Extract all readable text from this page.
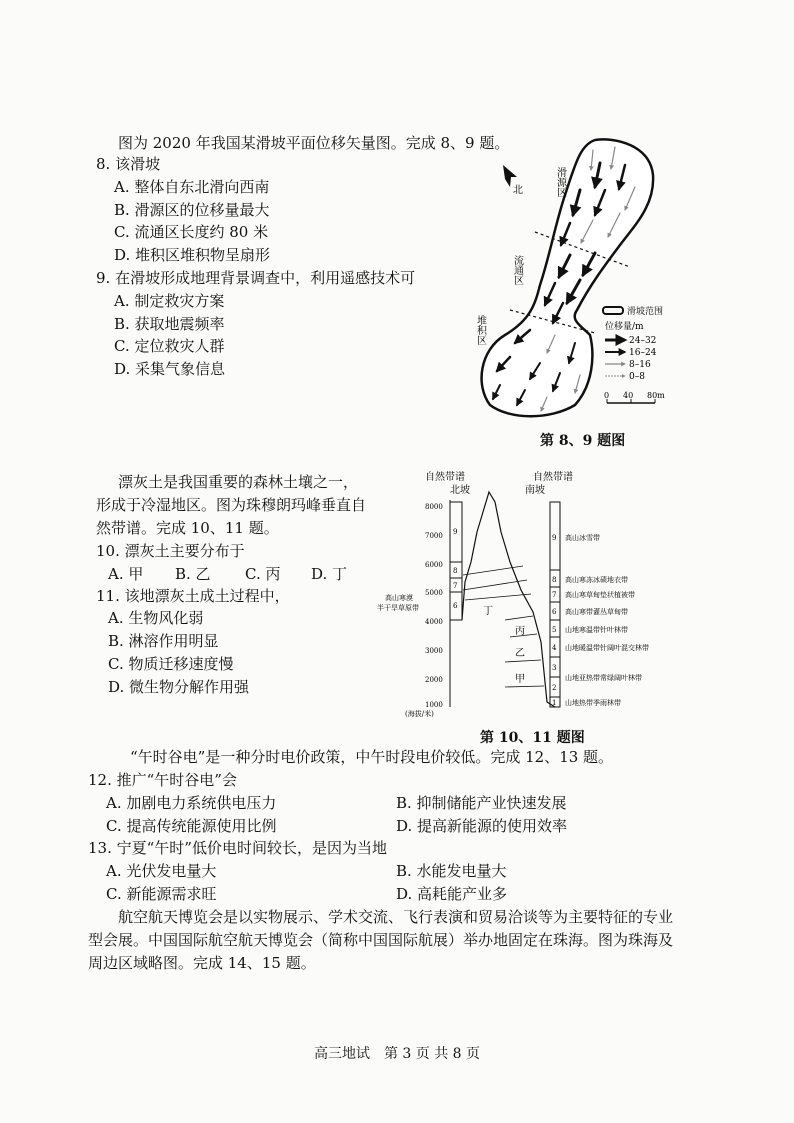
图为 2020 年我国某滑坡平面位移矢量图。完成 8、9 题。
8. 该滑坡
A. 整体自东北滑向西南
B. 滑源区的位移量最大
C. 流通区长度约 80 米
D. 堆积区堆积物呈扇形
9. 在滑坡形成地理背景调查中，利用遥感技术可
A. 制定救灾方案
B. 获取地震频率
C. 定位救灾人群
D. 采集气象信息
北	滑源区
流通区
堆积区
滑坡范围
位移量/m
24–32
16–24
8–16
0–8
0 40 80m
第 8、9 题图
漂灰土是我国重要的森林土壤之一，
形成于冷湿地区。图为珠穆朗玛峰垂直自
然带谱。完成 10、11 题。
10. 漂灰土主要分布于
A. 甲 B. 乙 C. 丙 D. 丁
11. 该地漂灰土成土过程中，
A. 生物风化弱
B. 淋溶作用明显
C. 物质迁移速度慢
D. 微生物分解作用强
自然带谱	自然带谱
北坡	南坡
8000
7000
6000
5000
4000
3000
2000
1000
(海拔/米)
高山寒漠
半干旱草原带
9
8
7
6	丁
丙
乙
甲
9
8
7
6
5
4
3
2
1
高山冰雪带
高山寒冻冰碛地衣带
高山寒草甸垫状植被带
高山寒带灌丛草甸带
山地寒温带针叶林带
山地暖温带针阔叶混交林带
山地亚热带常绿阔叶林带
山地热带季雨林带
第 10、11 题图
“午时谷电”是一种分时电价政策，中午时段电价较低。完成 12、13 题。
12. 推广“午时谷电”会
A. 加剧电力系统供电压力	B. 抑制储能产业快速发展
C. 提高传统能源使用比例	D. 提高新能源的使用效率
13. 宁夏“午时”低价电时间较长，是因为当地
A. 光伏发电量大	B. 水能发电量大
C. 新能源需求旺	D. 高耗能产业多
航空航天博览会是以实物展示、学术交流、飞行表演和贸易洽谈等为主要特征的专业
型会展。中国国际航空航天博览会（简称中国国际航展）举办地固定在珠海。图为珠海及
周边区域略图。完成 14、15 题。
高三地试　第 3 页 共 8 页
